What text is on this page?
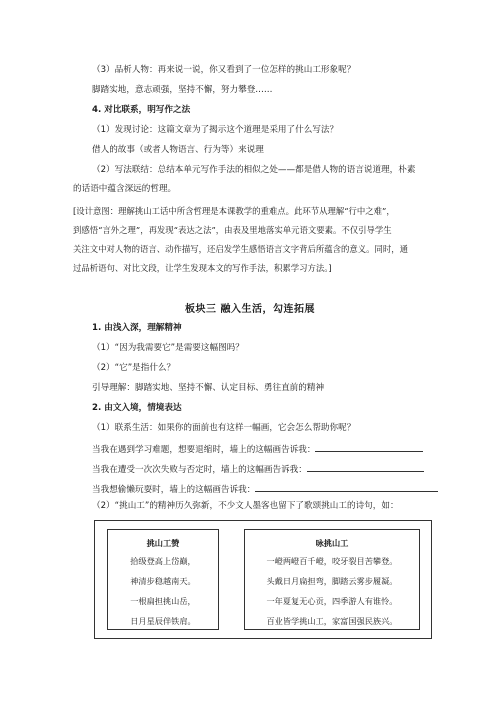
（3）品析人物：再来说一说，你又看到了一位怎样的挑山工形象呢？
脚踏实地，意志顽强，坚持不懈，努力攀登……
4. 对比联系，明写作之法
（1）发现讨论：这篇文章为了揭示这个道理是采用了什么写法？
借人的故事（或者人物语言、行为等）来说理
（2）写法联结：总结本单元写作手法的相似之处——都是借人物的语言说道理，朴素
的话语中蕴含深远的哲理。
[设计意图：理解挑山工话中所含哲理是本课教学的重难点。此环节从理解“行中之难”，
到感悟“言外之理”，再发现“表达之法”，由表及里地落实单元语文要素。不仅引导学生
关注文中对人物的语言、动作描写，还启发学生感悟语言文字背后所蕴含的意义。同时，通
过品析语句、对比文段，让学生发现本文的写作手法，积累学习方法。]
板块三 融入生活，勾连拓展
1. 由浅入深，理解精神
（1）“因为我需要它”是需要这幅图吗？
（2）“它”是指什么？
引导理解：脚踏实地、坚持不懈、认定目标、勇往直前的精神
2. 由文入境，情境表达
（1）联系生活：如果你的面前也有这样一幅画，它会怎么帮助你呢？
当我在遇到学习难题，想要退缩时，墙上的这幅画告诉我：
当我在遭受一次次失败与否定时，墙上的这幅画告诉我：
当我想偷懒玩耍时，墙上的这幅画告诉我：
（2）“挑山工”的精神历久弥新，不少文人墨客也留下了歌颂挑山工的诗句，如：
挑山工赞
拾级登高上岱巅，
神清步稳越南天。
一根扁担挑山岳，
日月星辰伴铁肩。
咏挑山工
一嶝两嶝百千嶝，咬牙裂目苦攀登。
头戴日月扁担弯，脚踏云雾步履凝。
一年夏复无心贡，四季游人有谁怜。
百业皆学挑山工，家富国强民族兴。
